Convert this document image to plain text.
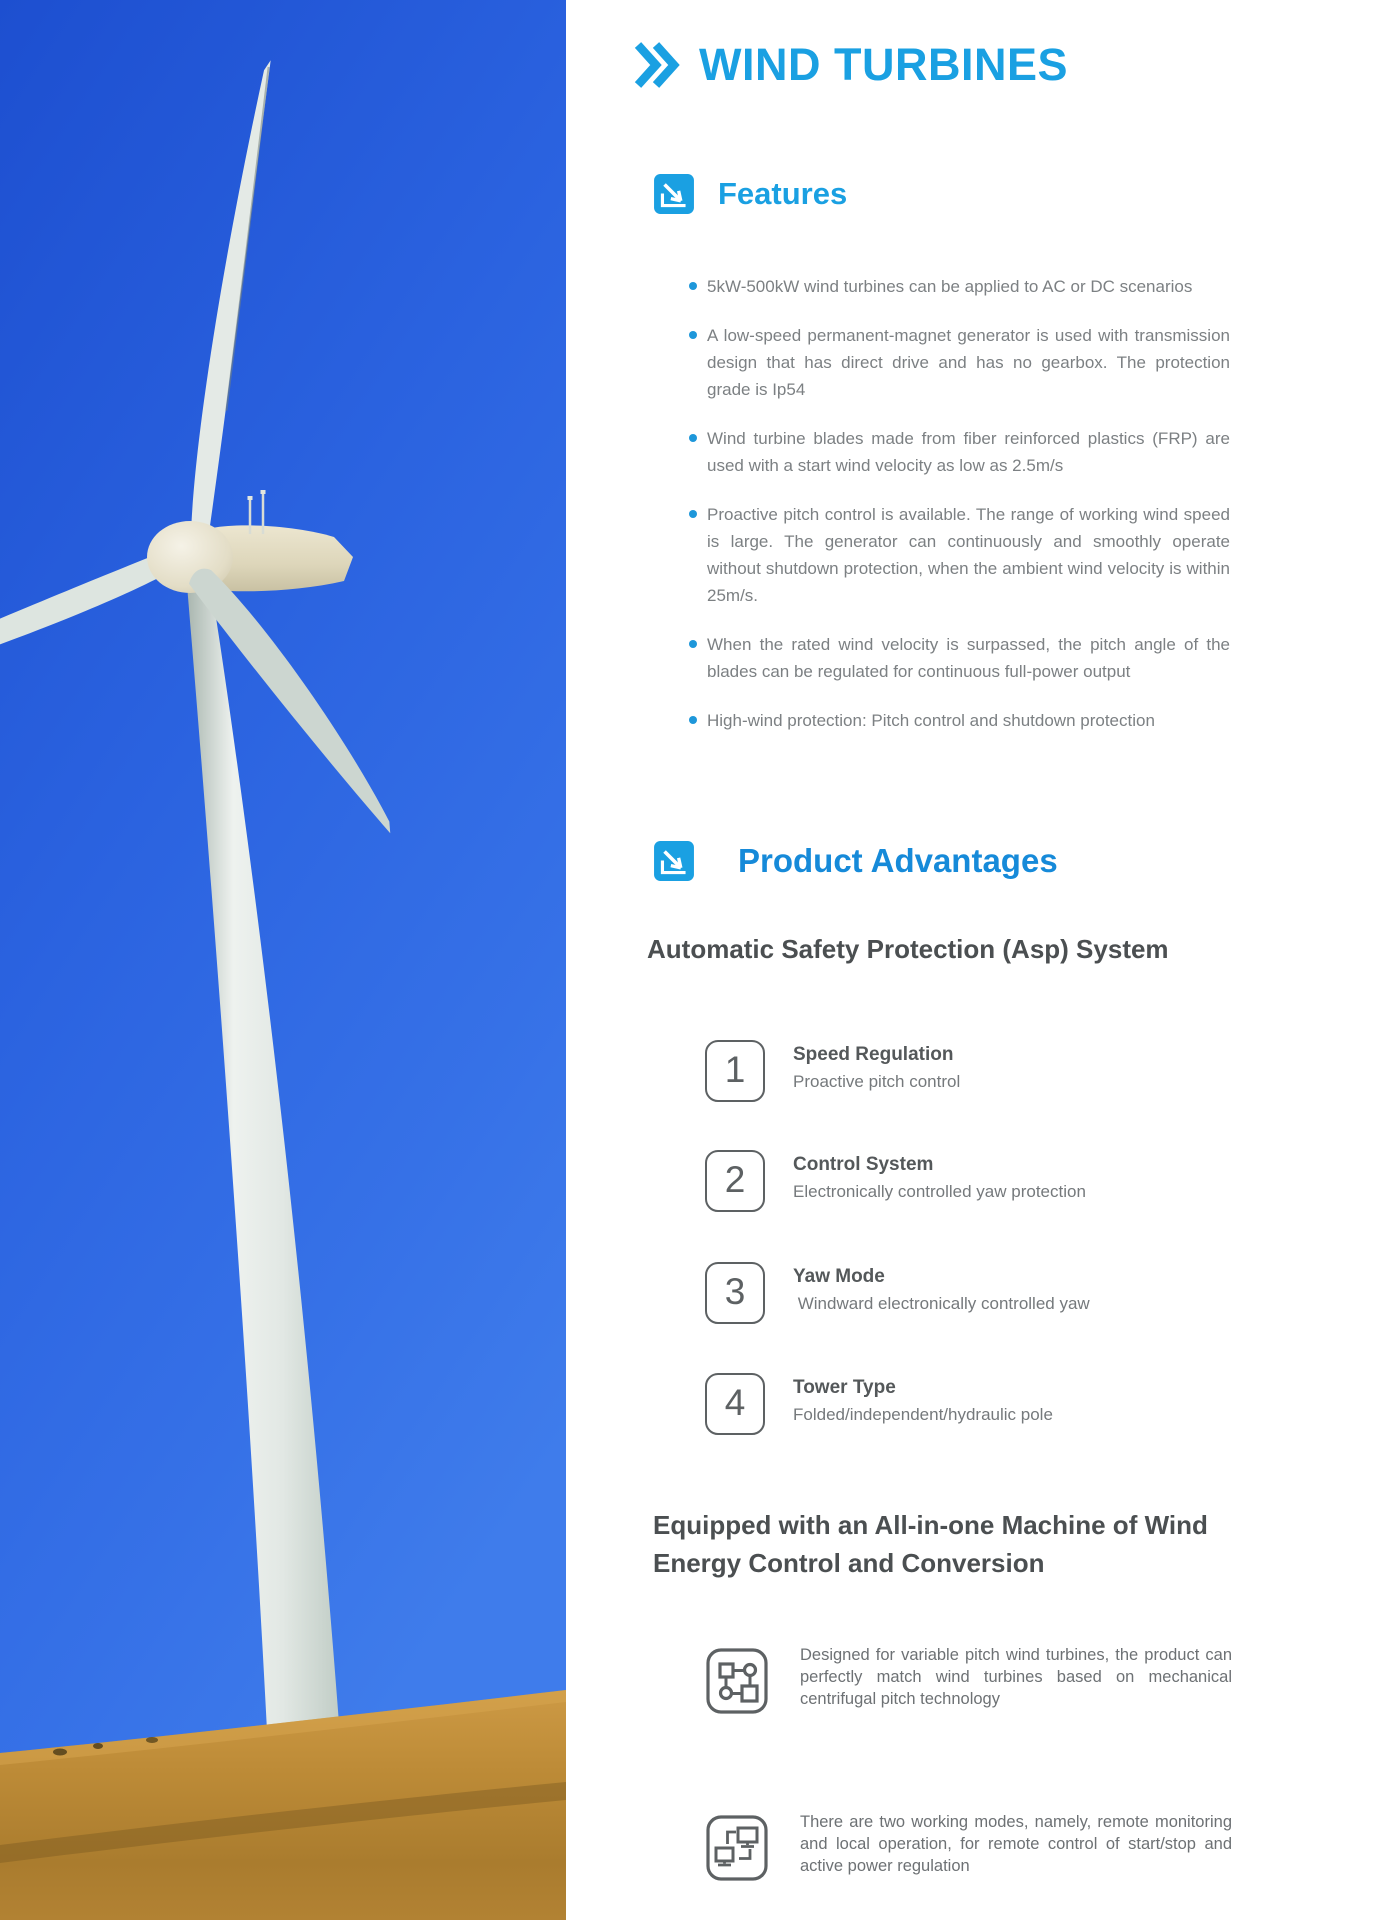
WIND TURBINES
Features
5kW-500kW wind turbines can be applied to AC or DC scenarios
A low-speed permanent-magnet generator is used with transmission design that has direct drive and has no gearbox. The protection grade is Ip54
Wind turbine blades made from fiber reinforced plastics (FRP) are used with a start wind velocity as low as 2.5m/s
Proactive pitch control is available. The range of working wind speed is large. The generator can continuously and smoothly operate without shutdown protection, when the ambient wind velocity is within 25m/s.
When the rated wind velocity is surpassed, the pitch angle of the blades can be regulated for continuous full-power output
High-wind protection: Pitch control and shutdown protection
Product Advantages
Automatic Safety Protection (Asp) System
1	Speed Regulation
Proactive pitch control
2	Control System
Electronically controlled yaw protection
3	Yaw Mode
Windward electronically controlled yaw
4	Tower Type
Folded/independent/hydraulic pole
Equipped with an All-in-one Machine of Wind Energy Control and Conversion

Designed for variable pitch wind turbines, the product can perfectly match wind turbines based on mechanical centrifugal pitch technology

There are two working modes, namely, remote monitoring and local operation, for remote control of start/stop and active power regulation
